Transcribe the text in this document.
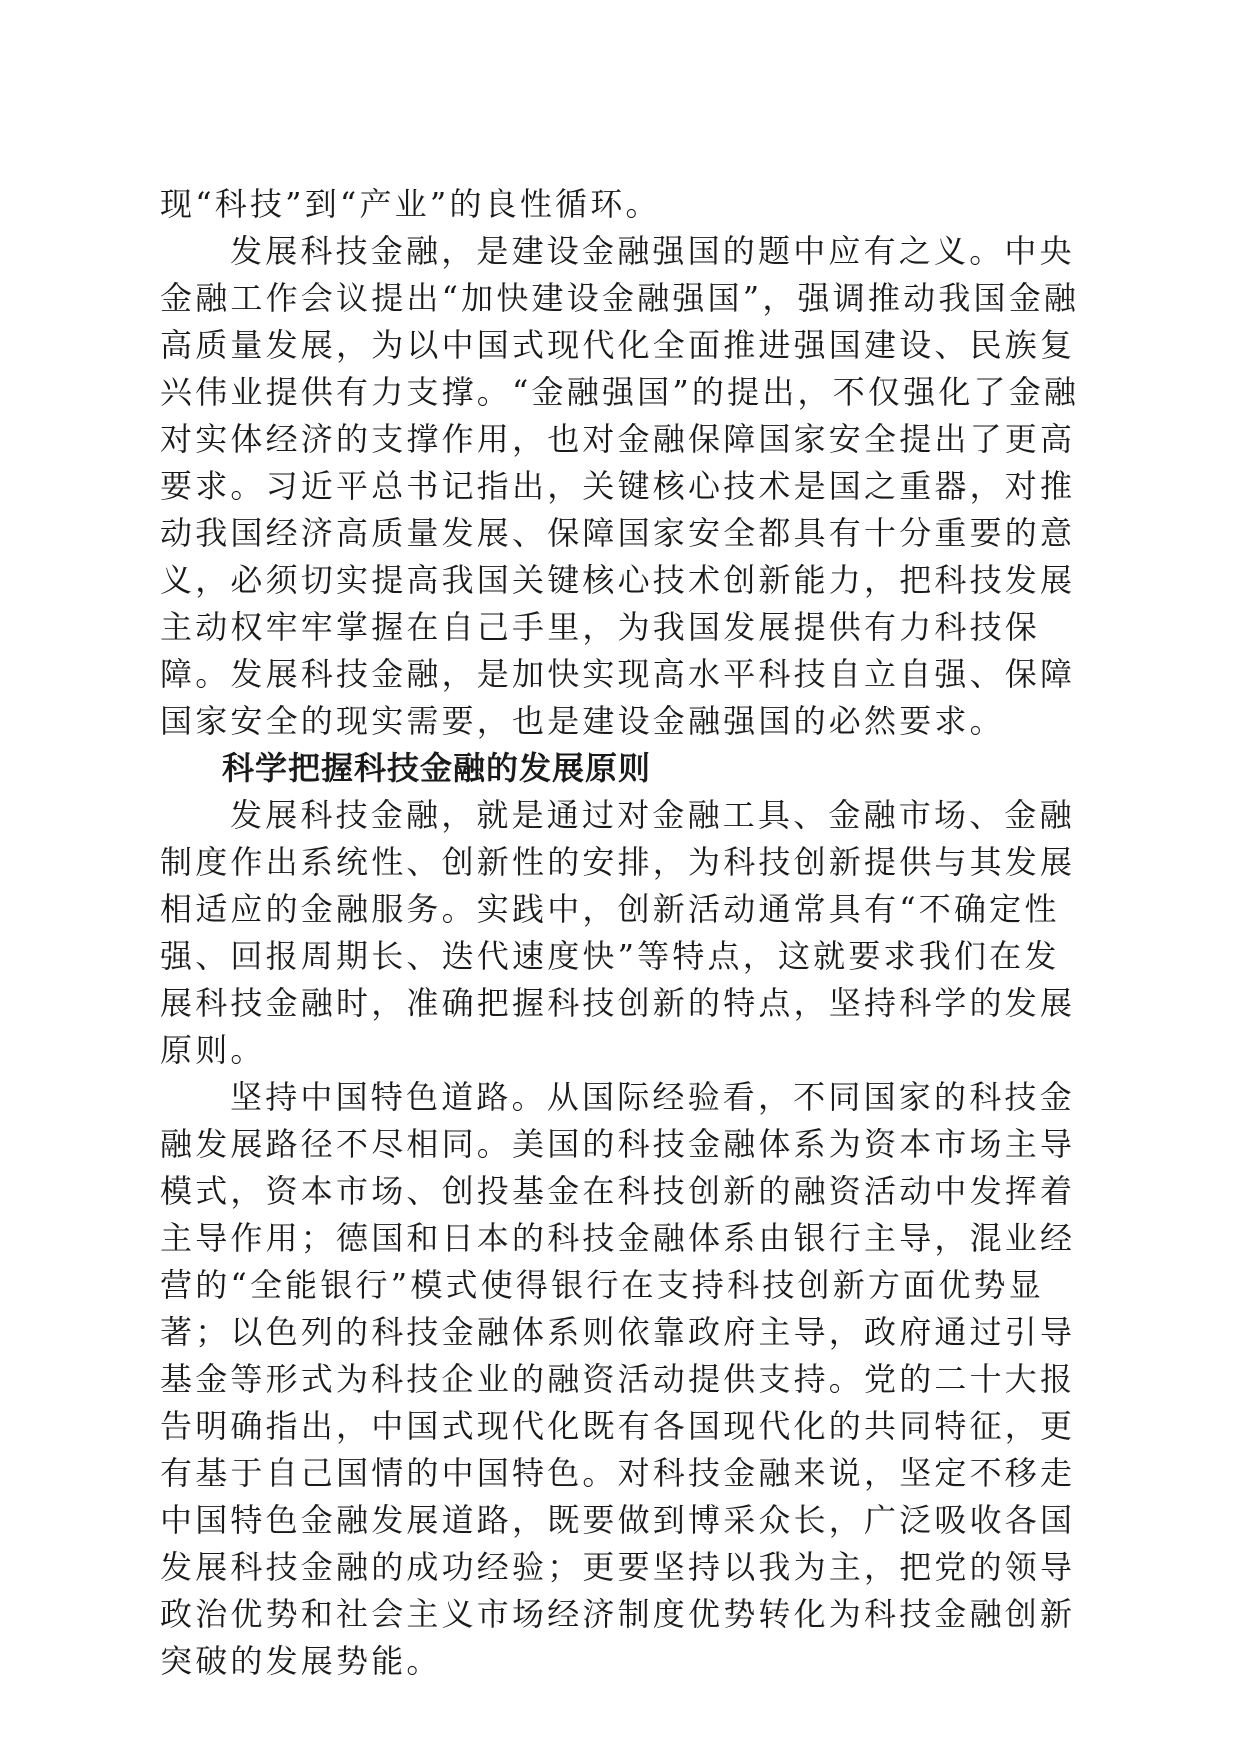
现“科技”到“产业”的良性循环。

发展科技金融，是建设金融强国的题中应有之义。中央金融工作会议提出“加快建设金融强国”，强调推动我国金融高质量发展，为以中国式现代化全面推进强国建设、民族复兴伟业提供有力支撑。“金融强国”的提出，不仅强化了金融对实体经济的支撑作用，也对金融保障国家安全提出了更高要求。习近平总书记指出，关键核心技术是国之重器，对推动我国经济高质量发展、保障国家安全都具有十分重要的意义，必须切实提高我国关键核心技术创新能力，把科技发展主动权牢牢掌握在自己手里，为我国发展提供有力科技保障。发展科技金融，是加快实现高水平科技自立自强、保障国家安全的现实需要，也是建设金融强国的必然要求。

科学把握科技金融的发展原则

发展科技金融，就是通过对金融工具、金融市场、金融制度作出系统性、创新性的安排，为科技创新提供与其发展相适应的金融服务。实践中，创新活动通常具有“不确定性强、回报周期长、迭代速度快”等特点，这就要求我们在发展科技金融时，准确把握科技创新的特点，坚持科学的发展原则。

坚持中国特色道路。从国际经验看，不同国家的科技金融发展路径不尽相同。美国的科技金融体系为资本市场主导模式，资本市场、创投基金在科技创新的融资活动中发挥着主导作用；德国和日本的科技金融体系由银行主导，混业经营的“全能银行”模式使得银行在支持科技创新方面优势显著；以色列的科技金融体系则依靠政府主导，政府通过引导基金等形式为科技企业的融资活动提供支持。党的二十大报告明确指出，中国式现代化既有各国现代化的共同特征，更有基于自己国情的中国特色。对科技金融来说，坚定不移走中国特色金融发展道路，既要做到博采众长，广泛吸收各国发展科技金融的成功经验；更要坚持以我为主，把党的领导政治优势和社会主义市场经济制度优势转化为科技金融创新突破的发展势能。
